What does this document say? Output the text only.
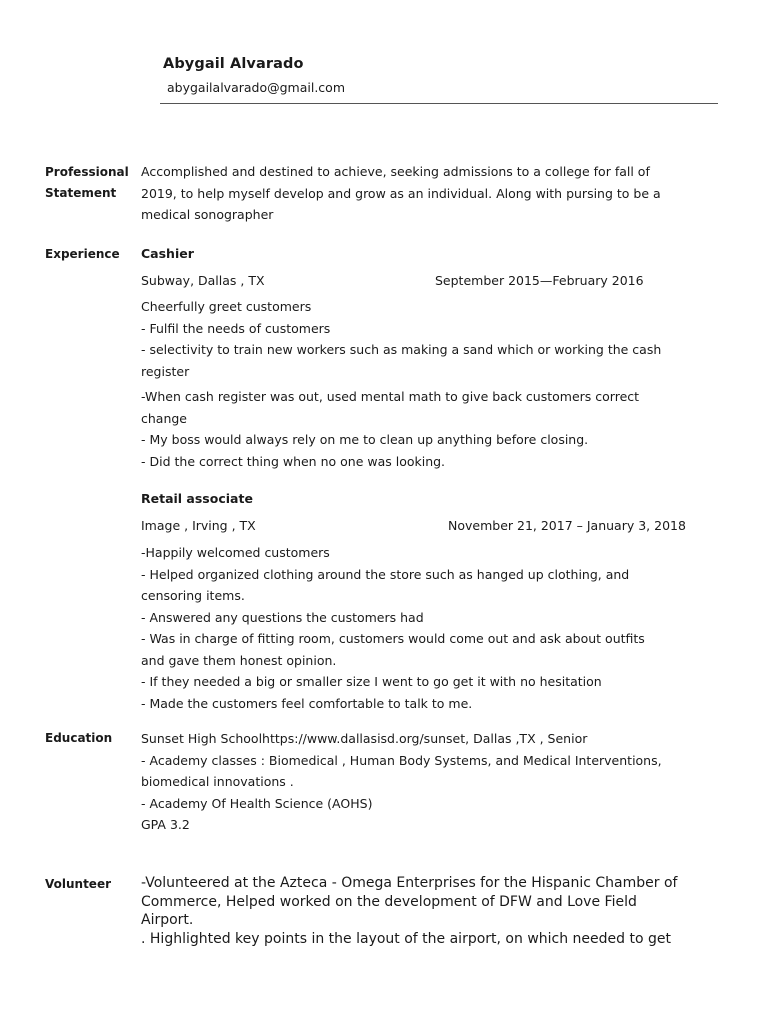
Abygail Alvarado
abygailalvarado@gmail.com
Professional
Statement
Accomplished and destined to achieve, seeking admissions to a college for fall of
2019, to help myself develop and grow as an individual. Along with pursing to be a
medical sonographer
Experience Cashier
Subway, Dallas , TX	September 2015—February 2016
Cheerfully greet customers
- Fulfil the needs of customers
- selectivity to train new workers such as making a sand which or working the cash
register
-When cash register was out, used mental math to give back customers correct
change
- My boss would always rely on me to clean up anything before closing.
- Did the correct thing when no one was looking.
Retail associate
Image , Irving , TX	November 21, 2017 – January 3, 2018
-Happily welcomed customers
- Helped organized clothing around the store such as hanged up clothing, and
censoring items.
- Answered any questions the customers had
- Was in charge of fitting room, customers would come out and ask about outfits
and gave them honest opinion.
- If they needed a big or smaller size I went to go get it with no hesitation
- Made the customers feel comfortable to talk to me.
Education Sunset High Schoolhttps://www.dallasisd.org/sunset, Dallas ,TX , Senior
- Academy classes : Biomedical , Human Body Systems, and Medical Interventions,
biomedical innovations .
- Academy Of Health Science (AOHS)
GPA 3.2
Volunteer -Volunteered at the Azteca - Omega Enterprises for the Hispanic Chamber of
Commerce, Helped worked on the development of DFW and Love Field
Airport.
. Highlighted key points in the layout of the airport, on which needed to get
